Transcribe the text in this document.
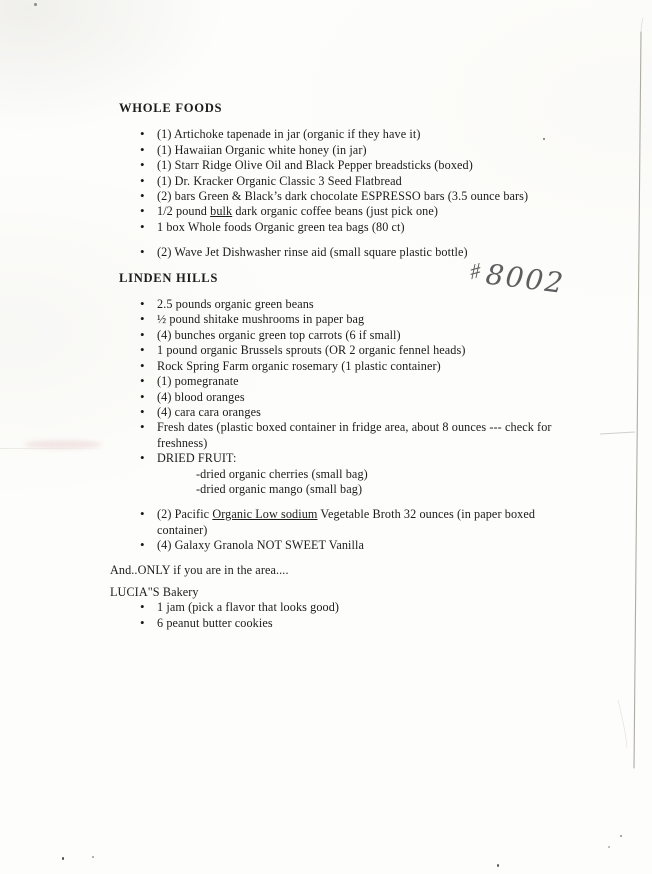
WHOLE FOODS
• (1) Artichoke tapenade in jar (organic if they have it)
• (1) Hawaiian Organic white honey (in jar)
• (1) Starr Ridge Olive Oil and Black Pepper breadsticks (boxed)
• (1) Dr. Kracker Organic Classic 3 Seed Flatbread
• (2) bars Green & Black’s dark chocolate ESPRESSO bars (3.5 ounce bars)
• 1/2 pound bulk dark organic coffee beans (just pick one)
• 1 box Whole foods Organic green tea bags (80 ct)
• (2) Wave Jet Dishwasher rinse aid (small square plastic bottle)
LINDEN HILLS
• 2.5 pounds organic green beans
• ½ pound shitake mushrooms in paper bag
• (4) bunches organic green top carrots (6 if small)
• 1 pound organic Brussels sprouts (OR 2 organic fennel heads)
• Rock Spring Farm organic rosemary (1 plastic container)
• (1) pomegranate
• (4) blood oranges
• (4) cara cara oranges
• Fresh dates (plastic boxed container in fridge area, about 8 ounces --- check for
freshness)
• DRIED FRUIT:
-dried organic cherries (small bag)
-dried organic mango (small bag)
• (2) Pacific Organic Low sodium Vegetable Broth 32 ounces (in paper boxed
container)
• (4) Galaxy Granola NOT SWEET Vanilla
And..ONLY if you are in the area....
LUCIA"S Bakery
• 1 jam (pick a flavor that looks good)
• 6 peanut butter cookies
#8002
